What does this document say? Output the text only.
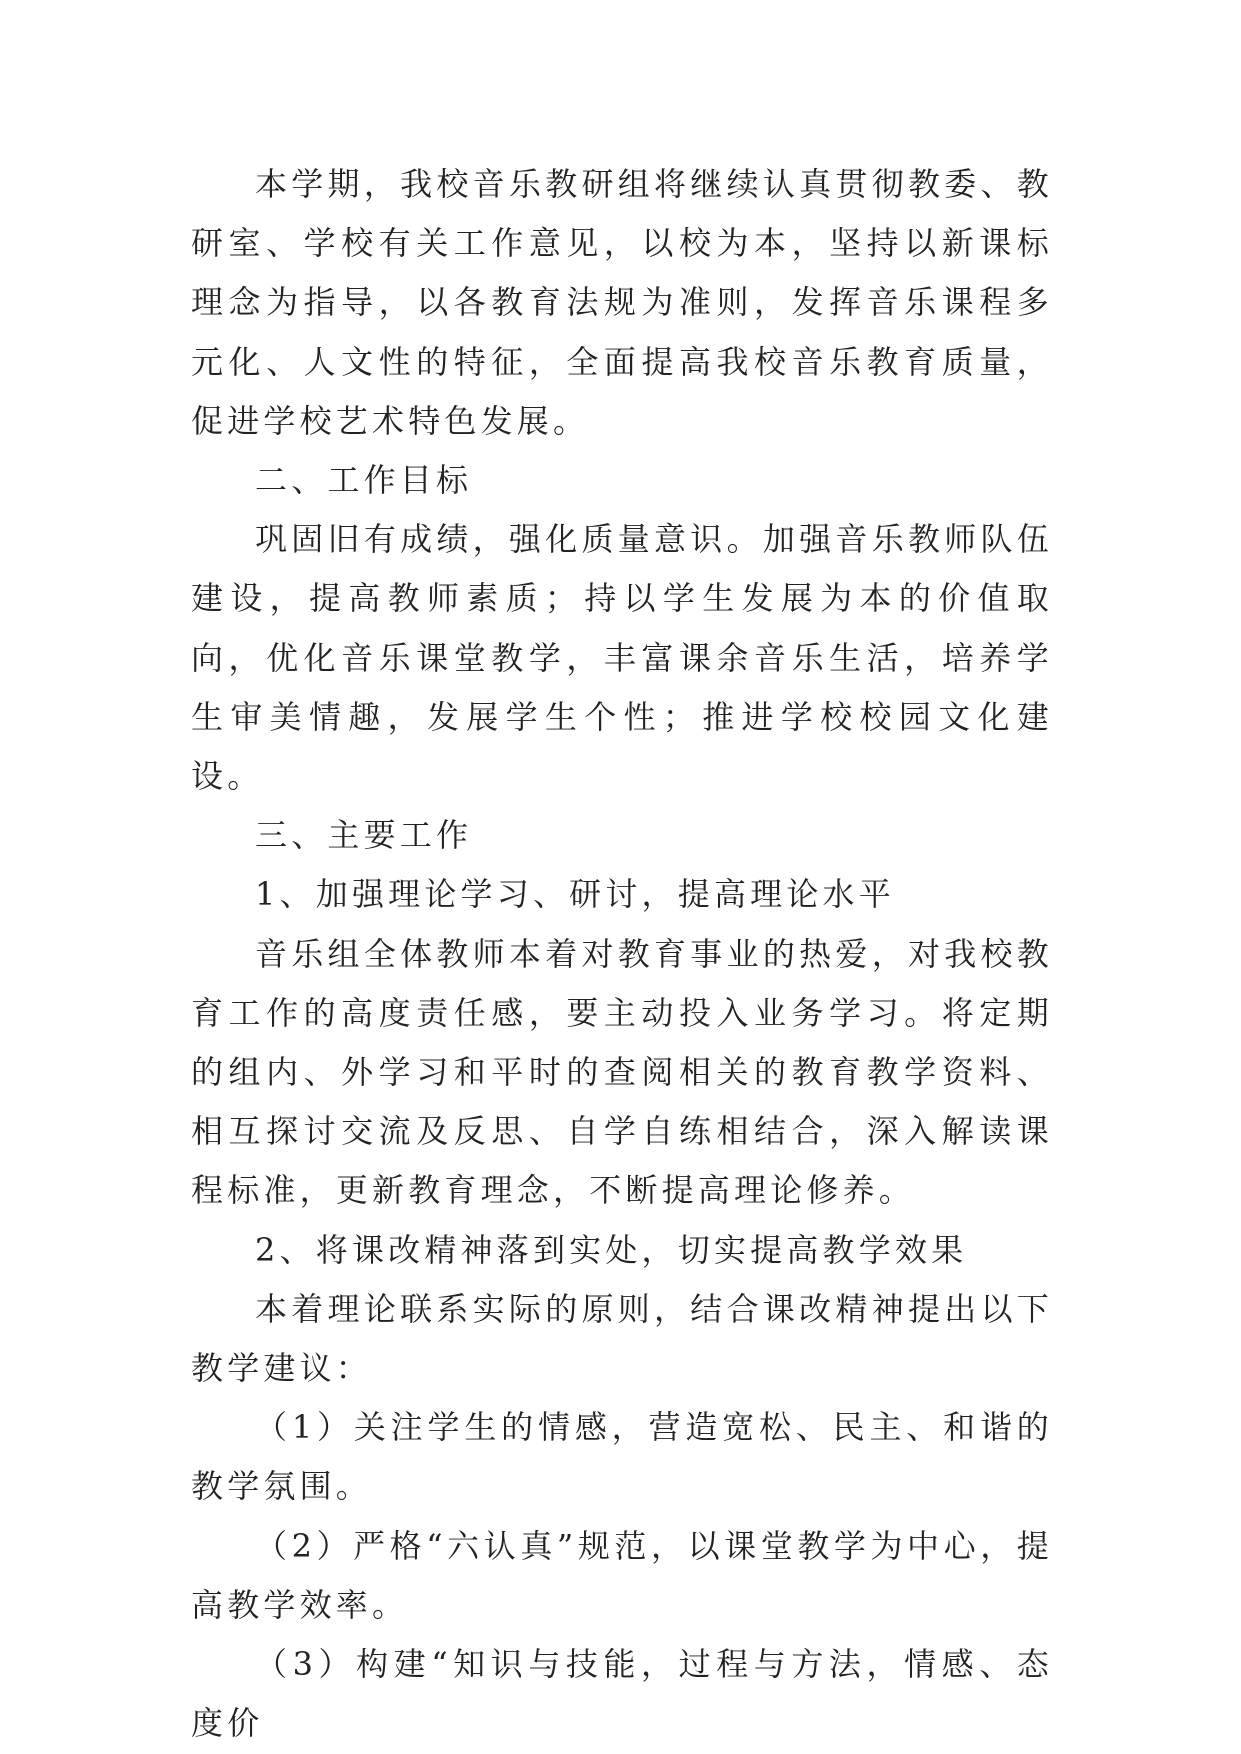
本学期，我校音乐教研组将继续认真贯彻教委、教研室、学校有关工作意见，以校为本，坚持以新课标理念为指导，以各教育法规为准则，发挥音乐课程多元化、人文性的特征，全面提高我校音乐教育质量，促进学校艺术特色发展。

二、工作目标

巩固旧有成绩，强化质量意识。加强音乐教师队伍建设，提高教师素质；持以学生发展为本的价值取向，优化音乐课堂教学，丰富课余音乐生活，培养学生审美情趣，发展学生个性；推进学校校园文化建设。

三、主要工作

1、加强理论学习、研讨，提高理论水平

音乐组全体教师本着对教育事业的热爱，对我校教育工作的高度责任感，要主动投入业务学习。将定期的组内、外学习和平时的查阅相关的教育教学资料、相互探讨交流及反思、自学自练相结合，深入解读课程标准，更新教育理念，不断提高理论修养。

2、将课改精神落到实处，切实提高教学效果

本着理论联系实际的原则，结合课改精神提出以下教学建议：

（1）关注学生的情感，营造宽松、民主、和谐的教学氛围。

（2）严格“六认真”规范，以课堂教学为中心，提高教学效率。

（3）构建“知识与技能，过程与方法，情感、态度价
